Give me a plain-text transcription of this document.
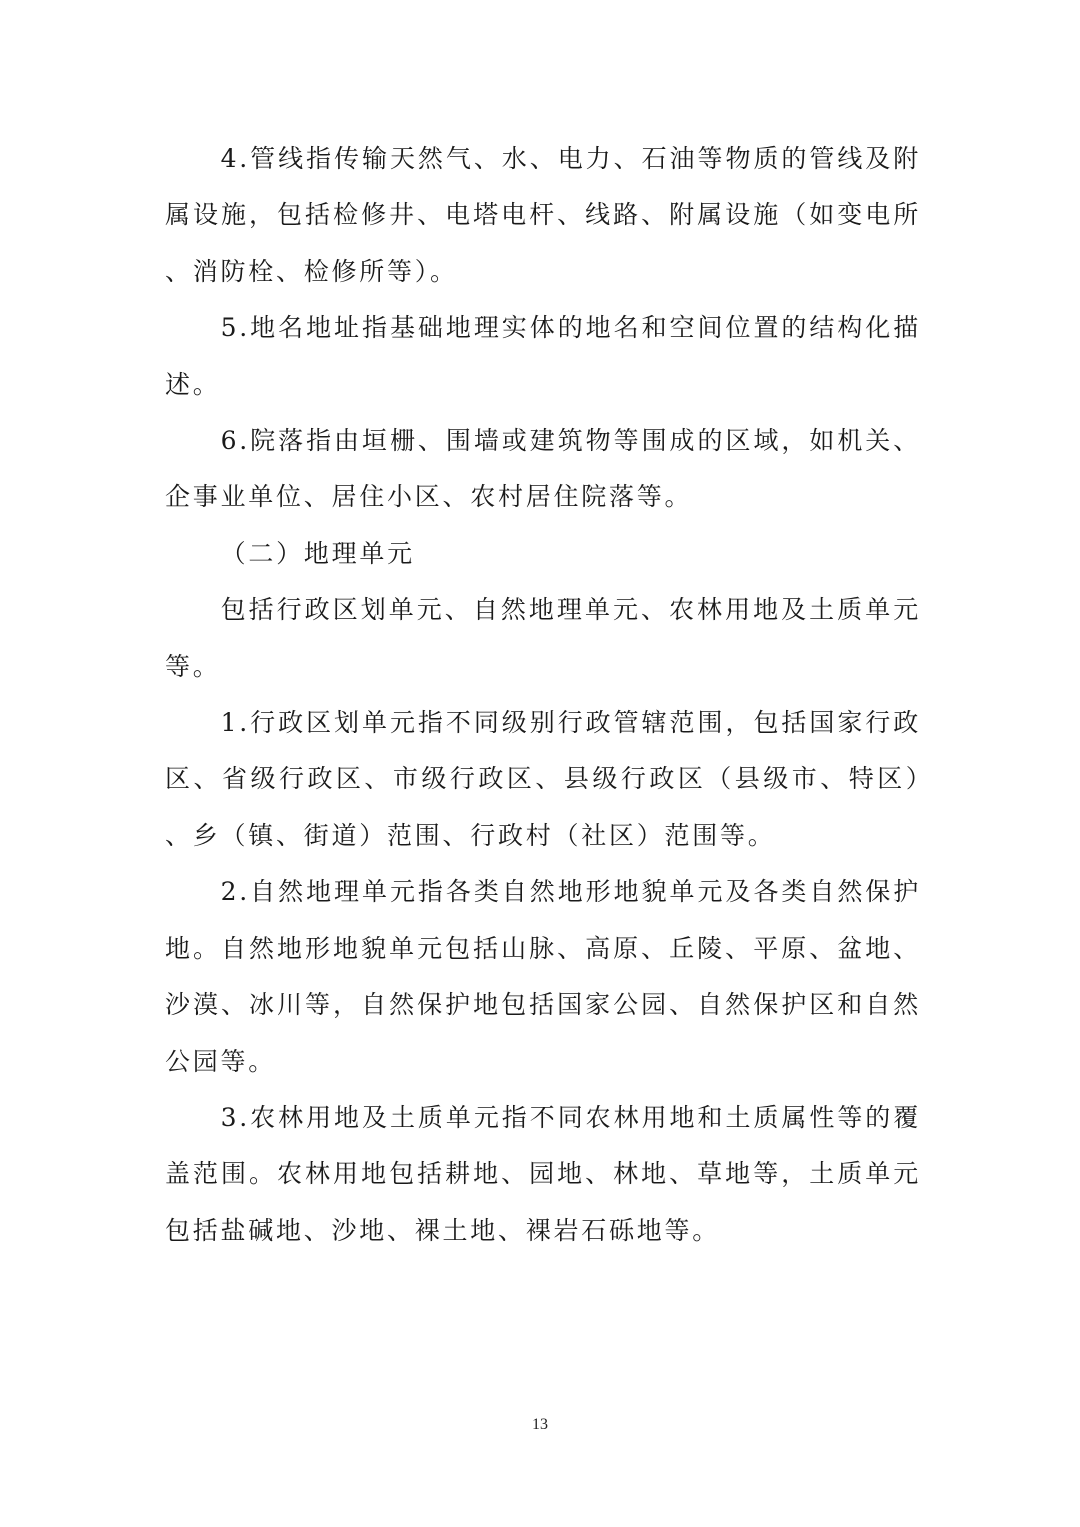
4.管线指传输天然气、水、电力、石油等物质的管线及附属设施，包括检修井、电塔电杆、线路、附属设施（如变电所、消防栓、检修所等）。

5.地名地址指基础地理实体的地名和空间位置的结构化描述。

6.院落指由垣栅、围墙或建筑物等围成的区域，如机关、企事业单位、居住小区、农村居住院落等。

（二）地理单元

包括行政区划单元、自然地理单元、农林用地及土质单元等。

1.行政区划单元指不同级别行政管辖范围，包括国家行政区、省级行政区、市级行政区、县级行政区（县级市、特区）、乡（镇、街道）范围、行政村（社区）范围等。

2.自然地理单元指各类自然地形地貌单元及各类自然保护地。自然地形地貌单元包括山脉、高原、丘陵、平原、盆地、沙漠、冰川等，自然保护地包括国家公园、自然保护区和自然公园等。

3.农林用地及土质单元指不同农林用地和土质属性等的覆盖范围。农林用地包括耕地、园地、林地、草地等，土质单元包括盐碱地、沙地、裸土地、裸岩石砾地等。

13
